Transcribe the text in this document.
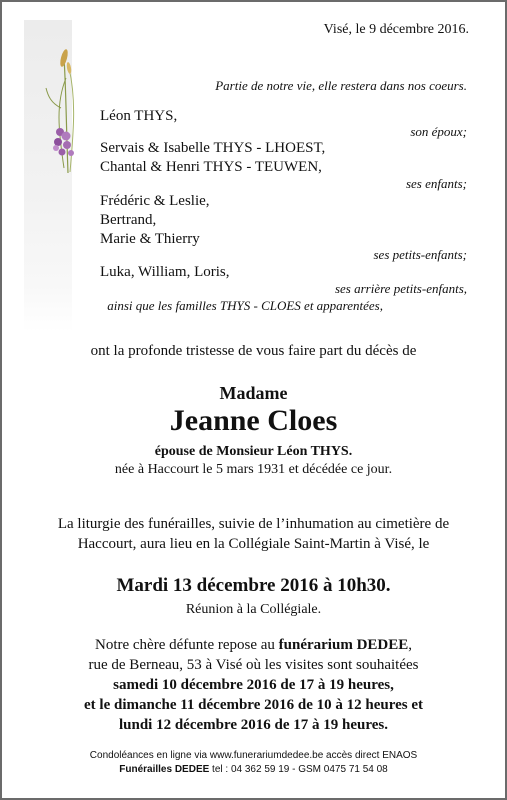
Visé, le 9 décembre 2016.
Partie de notre vie, elle restera dans nos coeurs.
Léon THYS,
son époux;
Servais & Isabelle THYS - LHOEST,
Chantal & Henri THYS - TEUWEN,
ses enfants;
Frédéric & Leslie,
Bertrand,
Marie & Thierry
ses petits-enfants;
Luka, William, Loris,
ses arrière petits-enfants,
ainsi que les familles THYS - CLOES et apparentées,
ont la profonde tristesse de vous faire part du décès de
Madame
Jeanne Cloes
épouse de Monsieur Léon THYS.
née à Haccourt le 5 mars 1931 et décédée ce jour.
La liturgie des funérailles, suivie de l’inhumation au cimetière de
Haccourt, aura lieu en la Collégiale Saint-Martin à Visé, le
Mardi 13 décembre 2016 à 10h30.
Réunion à la Collégiale.
Notre chère défunte repose au funérarium DEDEE,
rue de Berneau, 53 à Visé où les visites sont souhaitées
samedi 10 décembre 2016 de 17 à 19 heures,
et le dimanche 11 décembre 2016 de 10 à 12 heures et
lundi 12 décembre 2016 de 17 à 19 heures.
Condoléances en ligne via www.funerariumdedee.be accès direct ENAOS
Funérailles DEDEE tel : 04 362 59 19 - GSM 0475 71 54 08
